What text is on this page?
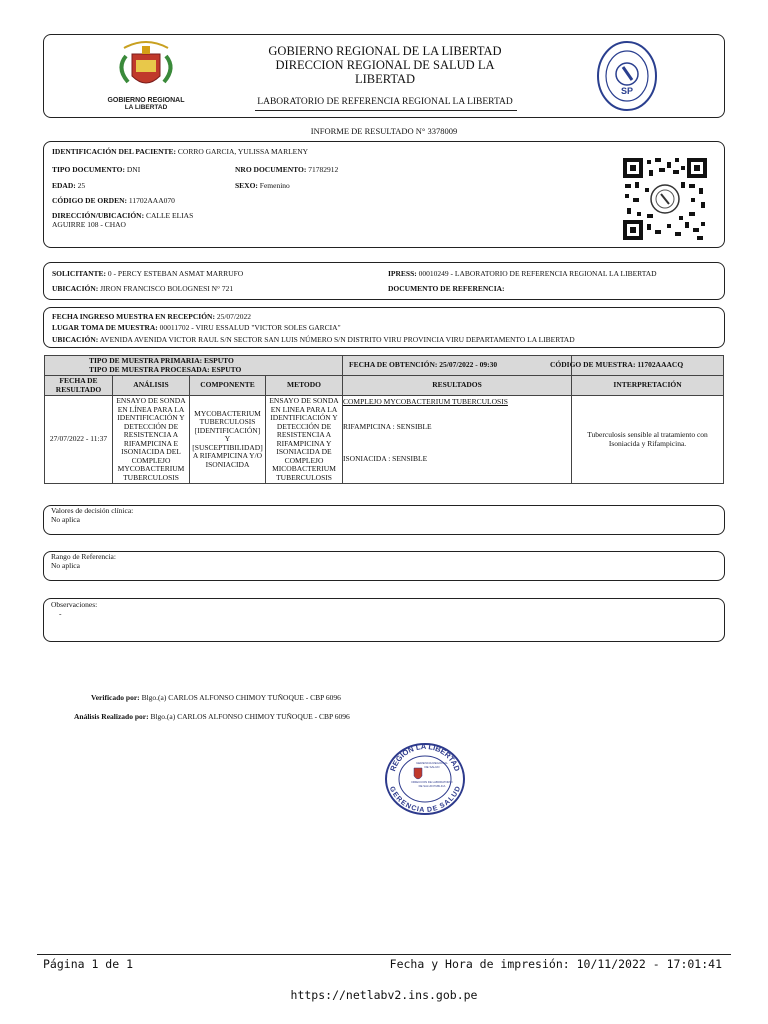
GOBIERNO REGIONAL
LA LIBERTAD
GOBIERNO REGIONAL DE LA LIBERTAD
DIRECCION REGIONAL DE SALUD LA
LIBERTAD
LABORATORIO DE REFERENCIA REGIONAL LA LIBERTAD
SP
INFORME DE RESULTADO N° 3378009
IDENTIFICACIÓN DEL PACIENTE: CORRO GARCIA, YULISSA MARLENY
TIPO DOCUMENTO: DNI	NRO DOCUMENTO: 71782912
EDAD: 25	SEXO: Femenino
CÓDIGO DE ORDEN: 11702AAA070
DIRECCIÓN/UBICACIÓN: CALLE ELIAS
AGUIRRE 108 - CHAO
SOLICITANTE: 0 - PERCY ESTEBAN ASMAT MARRUFO	IPRESS: 00010249 - LABORATORIO DE REFERENCIA REGIONAL LA LIBERTAD
UBICACIÓN: JIRON FRANCISCO BOLOGNESI N° 721	DOCUMENTO DE REFERENCIA:
FECHA INGRESO MUESTRA EN RECEPCIÓN: 25/07/2022
LUGAR TOMA DE MUESTRA: 00011702 - VIRU ESSALUD "VICTOR SOLES GARCIA"
UBICACIÓN: AVENIDA AVENIDA VICTOR RAUL S/N SECTOR SAN LUIS NÚMERO S/N DISTRITO VIRU PROVINCIA VIRU DEPARTAMENTO LA LIBERTAD
TIPO DE MUESTRA PRIMARIA: ESPUTO
TIPO DE MUESTRA PROCESADA: ESPUTO				FECHA DE OBTENCIÓN: 25/07/2022 - 09:30	CÓDIGO DE MUESTRA: 11702AAACQ
FECHA DE RESULTADO	ANÁLISIS	COMPONENTE	METODO	RESULTADOS	INTERPRETACIÓN
27/07/2022 - 11:37	ENSAYO DE SONDA EN LÍNEA PARA LA IDENTIFICACIÓN Y DETECCIÓN DE RESISTENCIA A RIFAMPICINA E ISONIACIDA DEL COMPLEJO MYCOBACTERIUM TUBERCULOSIS	MYCOBACTERIUM TUBERCULOSIS [IDENTIFICACIÓN] Y [SUSCEPTIBILIDAD] A RIFAMPICINA Y/O ISONIACIDA	ENSAYO DE SONDA EN LINEA PARA LA IDENTIFICACIÓN Y DETECCIÓN DE RESISTENCIA A RIFAMPICINA Y ISONIACIDA DE COMPLEJO MICOBACTERIUM TUBERCULOSIS	COMPLEJO MYCOBACTERIUM TUBERCULOSIS
RIFAMPICINA : SENSIBLE
ISONIACIDA : SENSIBLE	Tuberculosis sensible al tratamiento con Isoniacida y Rifampicina.
Valores de decisión clínica:
No aplica
Rango de Referencia:
No aplica
Observaciones:
-
Verificado por: Blgo.(a) CARLOS ALFONSO CHIMOY TUÑOQUE - CBP 6096
Análisis Realizado por: Blgo.(a) CARLOS ALFONSO CHIMOY TUÑOQUE - CBP 6096
REGION LA LIBERTAD
GERENCIA DE SALUD
GERENCIA REGIONAL
DE SALUD
DIRECCION DE LABORATORIO
DE SALUD PUBLICA
Página 1 de 1	Fecha y Hora de impresión: 10/11/2022 - 17:01:41
https://netlabv2.ins.gob.pe
